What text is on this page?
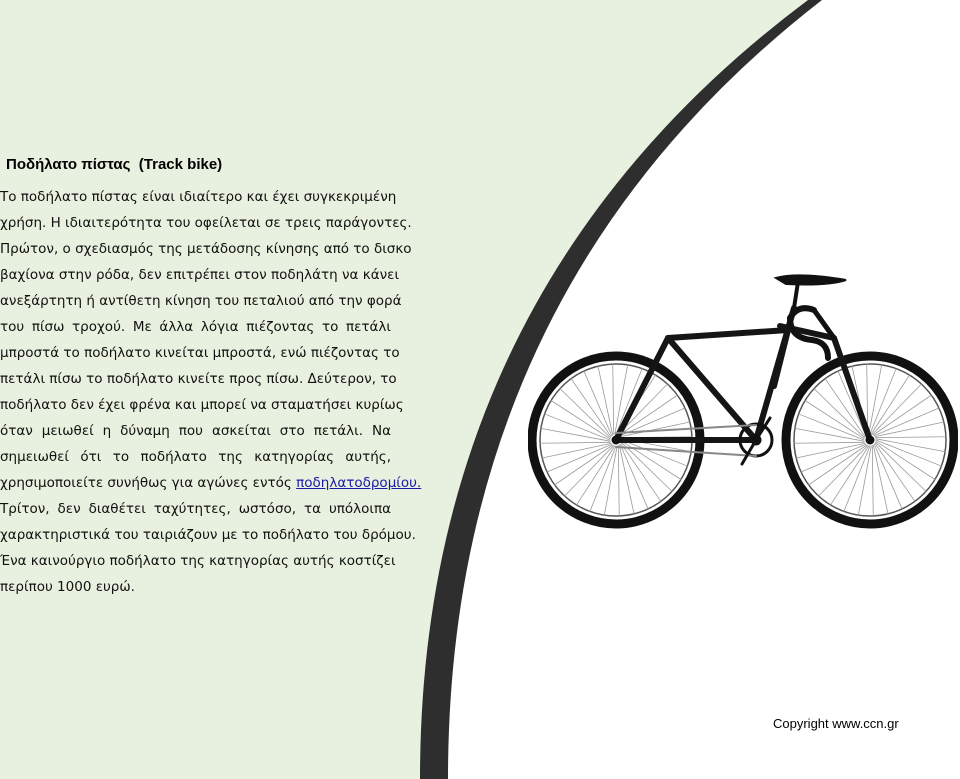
Ποδήλατο πίστας  (Track bike)
Το ποδήλατο πίστας είναι ιδιαίτερο και έχει συγκεκριμένη
χρήση. Η ιδιαιτερότητα του οφείλεται σε τρεις παράγοντες.
Πρώτον, ο σχεδιασμός της μετάδοσης κίνησης από το δισκο
βαχίονα στην ρόδα, δεν επιτρέπει στον ποδηλάτη να κάνει
ανεξάρτητη ή αντίθετη κίνηση του πεταλιού από την φορά
του πίσω τροχού. Με άλλα λόγια πιέζοντας το πετάλι
μπροστά το ποδήλατο κινείται μπροστά, ενώ πιέζοντας το
πετάλι πίσω το ποδήλατο κινείτε προς πίσω. Δεύτερον, το
ποδήλατο δεν έχει φρένα και μπορεί να σταματήσει κυρίως
όταν μειωθεί η δύναμη που ασκείται στο πετάλι. Να
σημειωθεί ότι το ποδήλατο της κατηγορίας αυτής,
χρησιμοποιείτε συνήθως για αγώνες εντός ποδηλατοδρομίου.
Τρίτον, δεν διαθέτει ταχύτητες, ωστόσο, τα υπόλοιπα
χαρακτηριστικά του ταιριάζουν με το ποδήλατο του δρόμου.
Ένα καινούργιο ποδήλατο της κατηγορίας αυτής κοστίζει
περίπου 1000 ευρώ.
Copyright www.ccn.gr
